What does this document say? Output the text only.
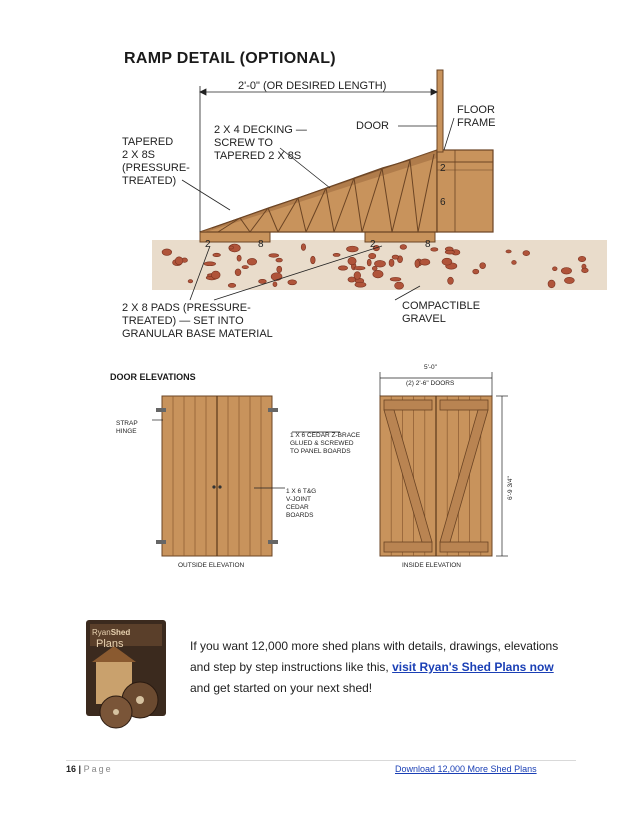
RAMP DETAIL (OPTIONAL)
2'-0" (OR DESIRED LENGTH)
2 X 4 DECKING —
SCREW TO
TAPERED 2 X 8S
DOOR
FLOOR
FRAME
TAPERED
2 X 8S
(PRESSURE-
TREATED)
2 X 8 PADS (PRESSURE-
TREATED) — SET INTO
GRANULAR BASE MATERIAL
COMPACTIBLE
GRAVEL
2	8	2	8
2
6
DOOR ELEVATIONS
STRAP
HINGE
1 X 6 CEDAR Z-BRACE
GLUED & SCREWED
TO PANEL BOARDS
1 X 6 T&G
V-JOINT
CEDAR
BOARDS
5'-0"
(2) 2'-6" DOORS
6'-9 3/4"
OUTSIDE ELEVATION	INSIDE ELEVATION
RyanShed
Plans	If you want 12,000 more shed plans with details, drawings, elevations and step by step instructions like this, visit Ryan's Shed Plans now and get started on your next shed!
16 | Page	Download 12,000 More Shed Plans
